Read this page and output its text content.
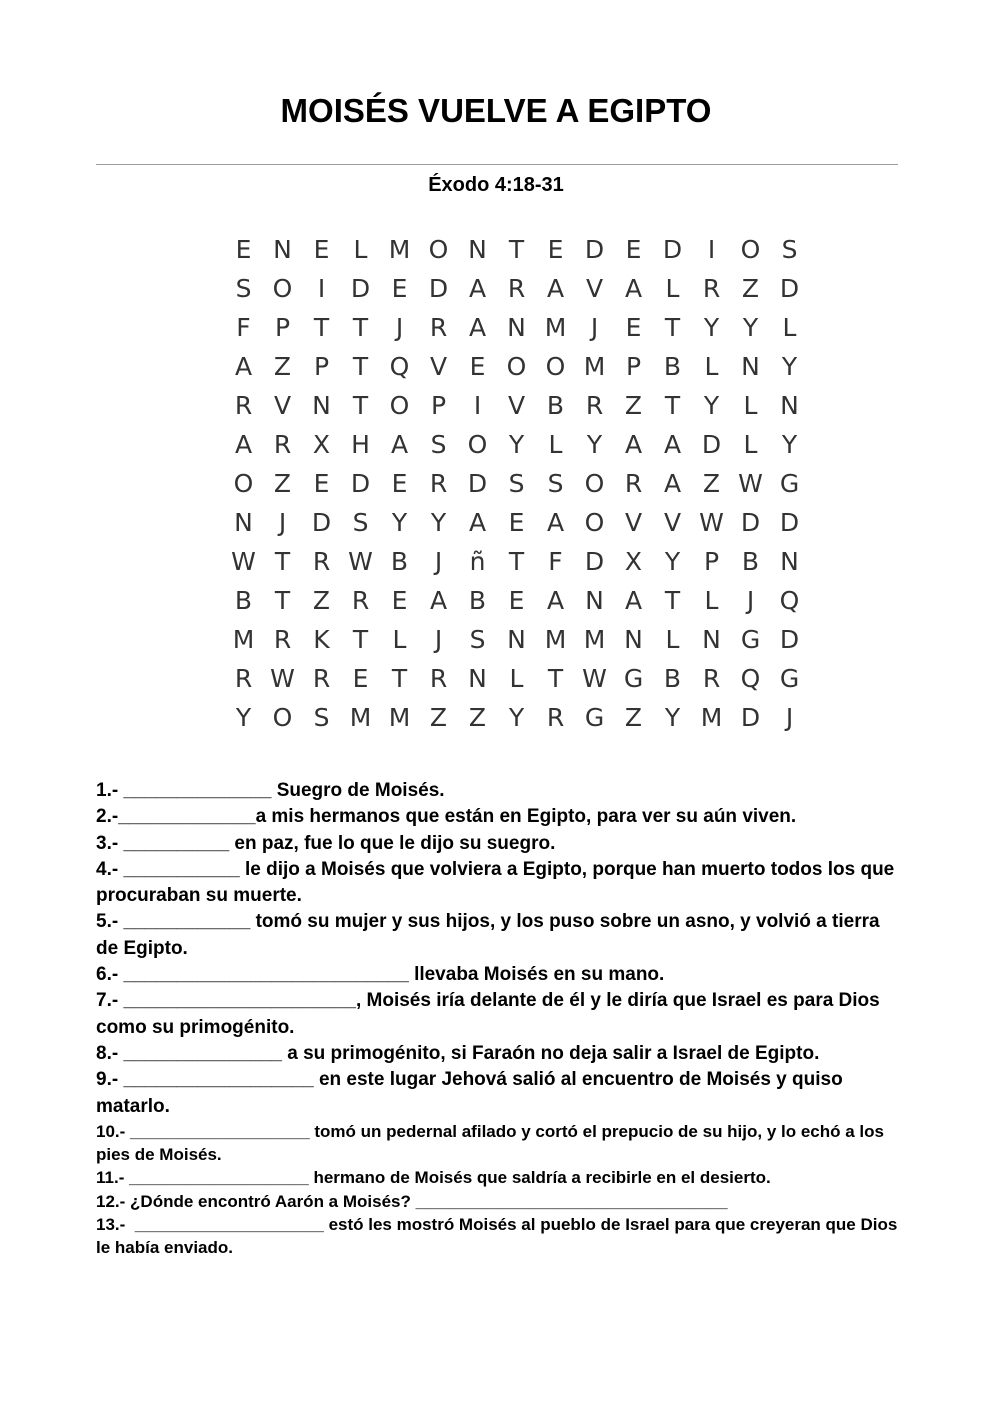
MOISÉS VUELVE A EGIPTO
Éxodo 4:18-31
E N E L M O N T E D E D	I	O S
S O	I	D E D A R A V A L R Z D
F P T T	J	R A N M J	E T Y Y L
A Z P T Q V E O O M P B L N Y
R V N T O P	I	V B R Z T Y L N
A R X H A S O Y L Y A A D L Y
O Z E D E R D S S O R A Z W G
N	J	D S Y Y A E A O V V W D D
W T R W B	J	ñ T F D X Y P B N
B T Z R E A B E A N A T L	J	Q
M R K T L	J	S N M M N L N G D
R W R E T R N L T W G B R Q G
Y O S M M Z Z Y R G Z Y M D	J

1.- ______________ Suegro de Moisés.

2.-_____________a mis hermanos que están en Egipto, para ver su aún viven.

3.- __________ en paz, fue lo que le dijo su suegro.

4.- ___________ le dijo a Moisés que volviera a Egipto, porque han muerto todos los que procuraban su muerte.

5.- ____________ tomó su mujer y sus hijos, y los puso sobre un asno, y volvió a tierra de Egipto.

6.- ___________________________ llevaba Moisés en su mano.

7.- ______________________, Moisés iría delante de él y le diría que Israel es para Dios como su primogénito.

8.- _______________ a su primogénito, si Faraón no deja salir a Israel de Egipto.

9.- __________________ en este lugar Jehová salió al encuentro de Moisés y quiso matarlo.

10.- ___________________ tomó un pedernal afilado y cortó el prepucio de su hijo, y lo echó a los pies de Moisés.

11.- ___________________ hermano de Moisés que saldría a recibirle en el desierto.

12.- ¿Dónde encontró Aarón a Moisés? _________________________________

13.-  ____________________ estó les mostró Moisés al pueblo de Israel para que creyeran que Dios le había enviado.
